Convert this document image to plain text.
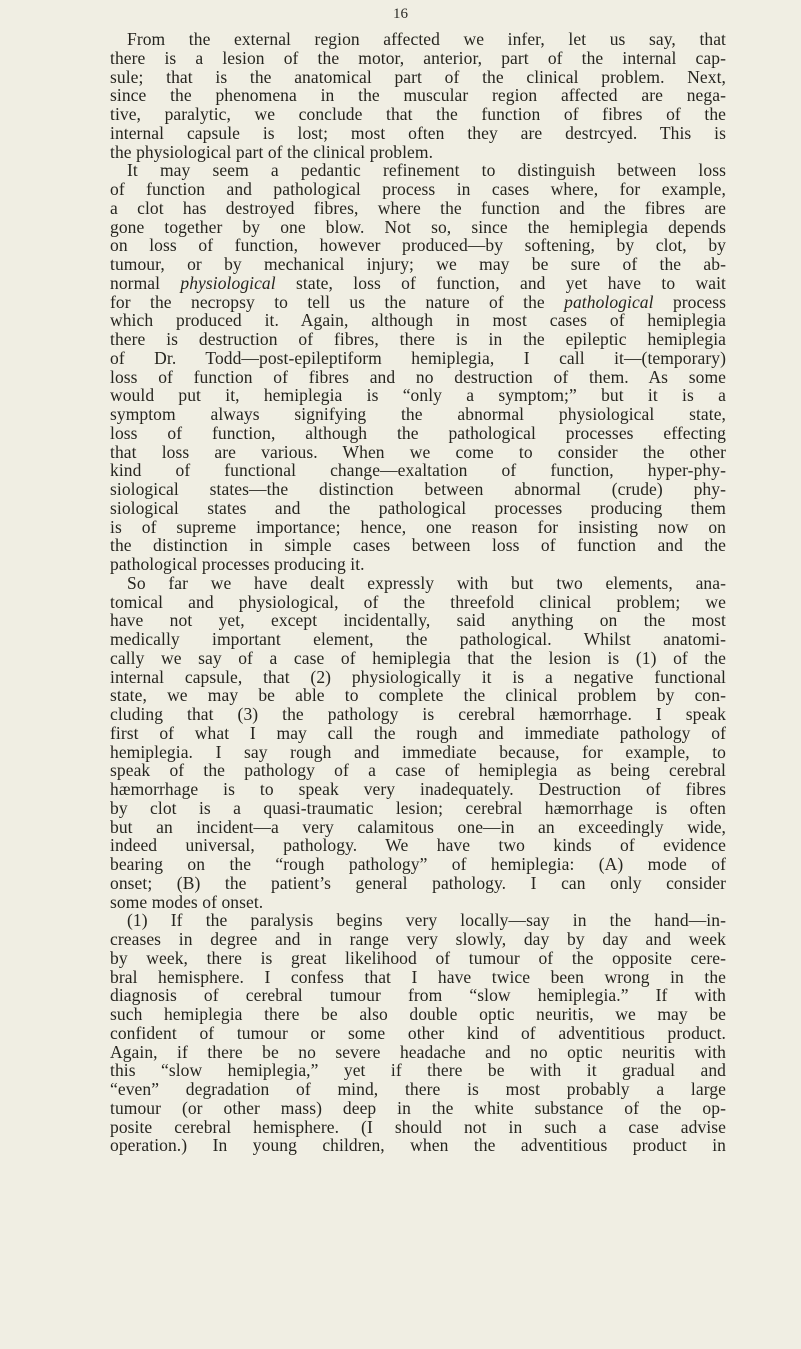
16
From the external region affected we infer, let us say, that
there is a lesion of the motor, anterior, part of the internal cap-
sule; that is the anatomical part of the clinical problem. Next,
since the phenomena in the muscular region affected are nega-
tive, paralytic, we conclude that the function of fibres of the
internal capsule is lost; most often they are destrcyed. This is
the physiological part of the clinical problem.
It may seem a pedantic refinement to distinguish between loss
of function and pathological process in cases where, for example,
a clot has destroyed fibres, where the function and the fibres are
gone together by one blow. Not so, since the hemiplegia depends
on loss of function, however produced—by softening, by clot, by
tumour, or by mechanical injury; we may be sure of the ab-
normal physiological state, loss of function, and yet have to wait
for the necropsy to tell us the nature of the pathological process
which produced it. Again, although in most cases of hemiplegia
there is destruction of fibres, there is in the epileptic hemiplegia
of Dr. Todd—post-epileptiform hemiplegia, I call it—(temporary)
loss of function of fibres and no destruction of them. As some
would put it, hemiplegia is “only a symptom;” but it is a
symptom always signifying the abnormal physiological state,
loss of function, although the pathological processes effecting
that loss are various. When we come to consider the other
kind of functional change—exaltation of function, hyper-phy-
siological states—the distinction between abnormal (crude) phy-
siological states and the pathological processes producing them
is of supreme importance; hence, one reason for insisting now on
the distinction in simple cases between loss of function and the
pathological processes producing it.
So far we have dealt expressly with but two elements, ana-
tomical and physiological, of the threefold clinical problem; we
have not yet, except incidentally, said anything on the most
medically important element, the pathological. Whilst anatomi-
cally we say of a case of hemiplegia that the lesion is (1) of the
internal capsule, that (2) physiologically it is a negative functional
state, we may be able to complete the clinical problem by con-
cluding that (3) the pathology is cerebral hæmorrhage. I speak
first of what I may call the rough and immediate pathology of
hemiplegia. I say rough and immediate because, for example, to
speak of the pathology of a case of hemiplegia as being cerebral
hæmorrhage is to speak very inadequately. Destruction of fibres
by clot is a quasi-traumatic lesion; cerebral hæmorrhage is often
but an incident—a very calamitous one—in an exceedingly wide,
indeed universal, pathology. We have two kinds of evidence
bearing on the “rough pathology” of hemiplegia: (A) mode of
onset; (B) the patient’s general pathology. I can only consider
some modes of onset.
(1) If the paralysis begins very locally—say in the hand—in-
creases in degree and in range very slowly, day by day and week
by week, there is great likelihood of tumour of the opposite cere-
bral hemisphere. I confess that I have twice been wrong in the
diagnosis of cerebral tumour from “slow hemiplegia.” If with
such hemiplegia there be also double optic neuritis, we may be
confident of tumour or some other kind of adventitious product.
Again, if there be no severe headache and no optic neuritis with
this “slow hemiplegia,” yet if there be with it gradual and
“even” degradation of mind, there is most probably a large
tumour (or other mass) deep in the white substance of the op-
posite cerebral hemisphere. (I should not in such a case advise
operation.) In young children, when the adventitious product in
